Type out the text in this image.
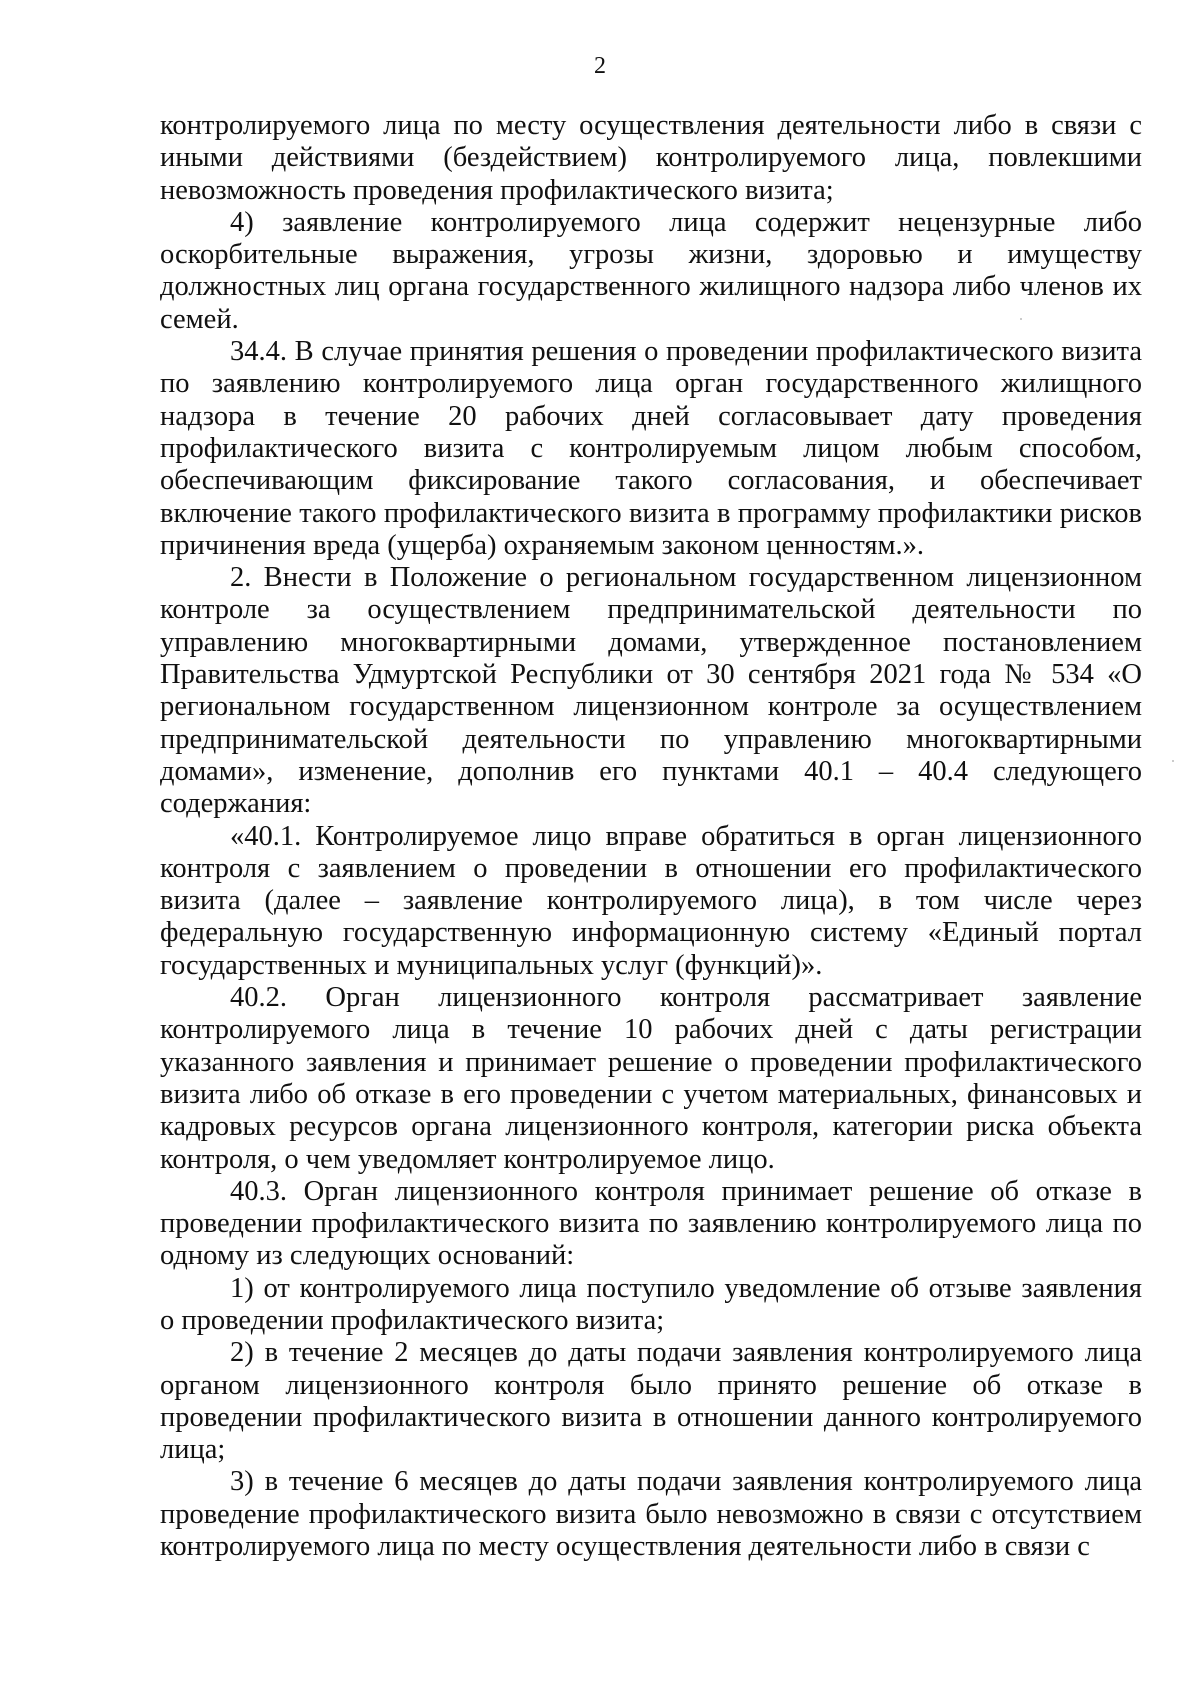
2

контролируемого лица по месту осуществления деятельности либо в связи с иными действиями (бездействием) контролируемого лица, повлекшими невозможность проведения профилактического визита;

4) заявление контролируемого лица содержит нецензурные либо оскорбительные выражения, угрозы жизни, здоровью и имуществу должностных лиц органа государственного жилищного надзора либо членов их семей.

34.4. В случае принятия решения о проведении профилактического визита по заявлению контролируемого лица орган государственного жилищного надзора в течение 20 рабочих дней согласовывает дату проведения профилактического визита с контролируемым лицом любым способом, обеспечивающим фиксирование такого согласования, и обеспечивает включение такого профилактического визита в программу профилактики рисков причинения вреда (ущерба) охраняемым законом ценностям.».

2. Внести в Положение о региональном государственном лицензионном контроле за осуществлением предпринимательской деятельности по управлению многоквартирными домами, утвержденное постановлением Правительства Удмуртской Республики от 30 сентября 2021 года № 534 «О региональном государственном лицензионном контроле за осуществлением предпринимательской деятельности по управлению многоквартирными домами», изменение, дополнив его пунктами 40.1 – 40.4 следующего содержания:

«40.1. Контролируемое лицо вправе обратиться в орган лицензионного контроля с заявлением о проведении в отношении его профилактического визита (далее – заявление контролируемого лица), в том числе через федеральную государственную информационную систему «Единый портал государственных и муниципальных услуг (функций)».

40.2. Орган лицензионного контроля рассматривает заявление контролируемого лица в течение 10 рабочих дней с даты регистрации указанного заявления и принимает решение о проведении профилактического визита либо об отказе в его проведении с учетом материальных, финансовых и кадровых ресурсов органа лицензионного контроля, категории риска объекта контроля, о чем уведомляет контролируемое лицо.

40.3. Орган лицензионного контроля принимает решение об отказе в проведении профилактического визита по заявлению контролируемого лица по одному из следующих оснований:

1) от контролируемого лица поступило уведомление об отзыве заявления о проведении профилактического визита;

2) в течение 2 месяцев до даты подачи заявления контролируемого лица органом лицензионного контроля было принято решение об отказе в проведении профилактического визита в отношении данного контролируемого лица;

3) в течение 6 месяцев до даты подачи заявления контролируемого лица проведение профилактического визита было невозможно в связи с отсутствием контролируемого лица по месту осуществления деятельности либо в связи с
